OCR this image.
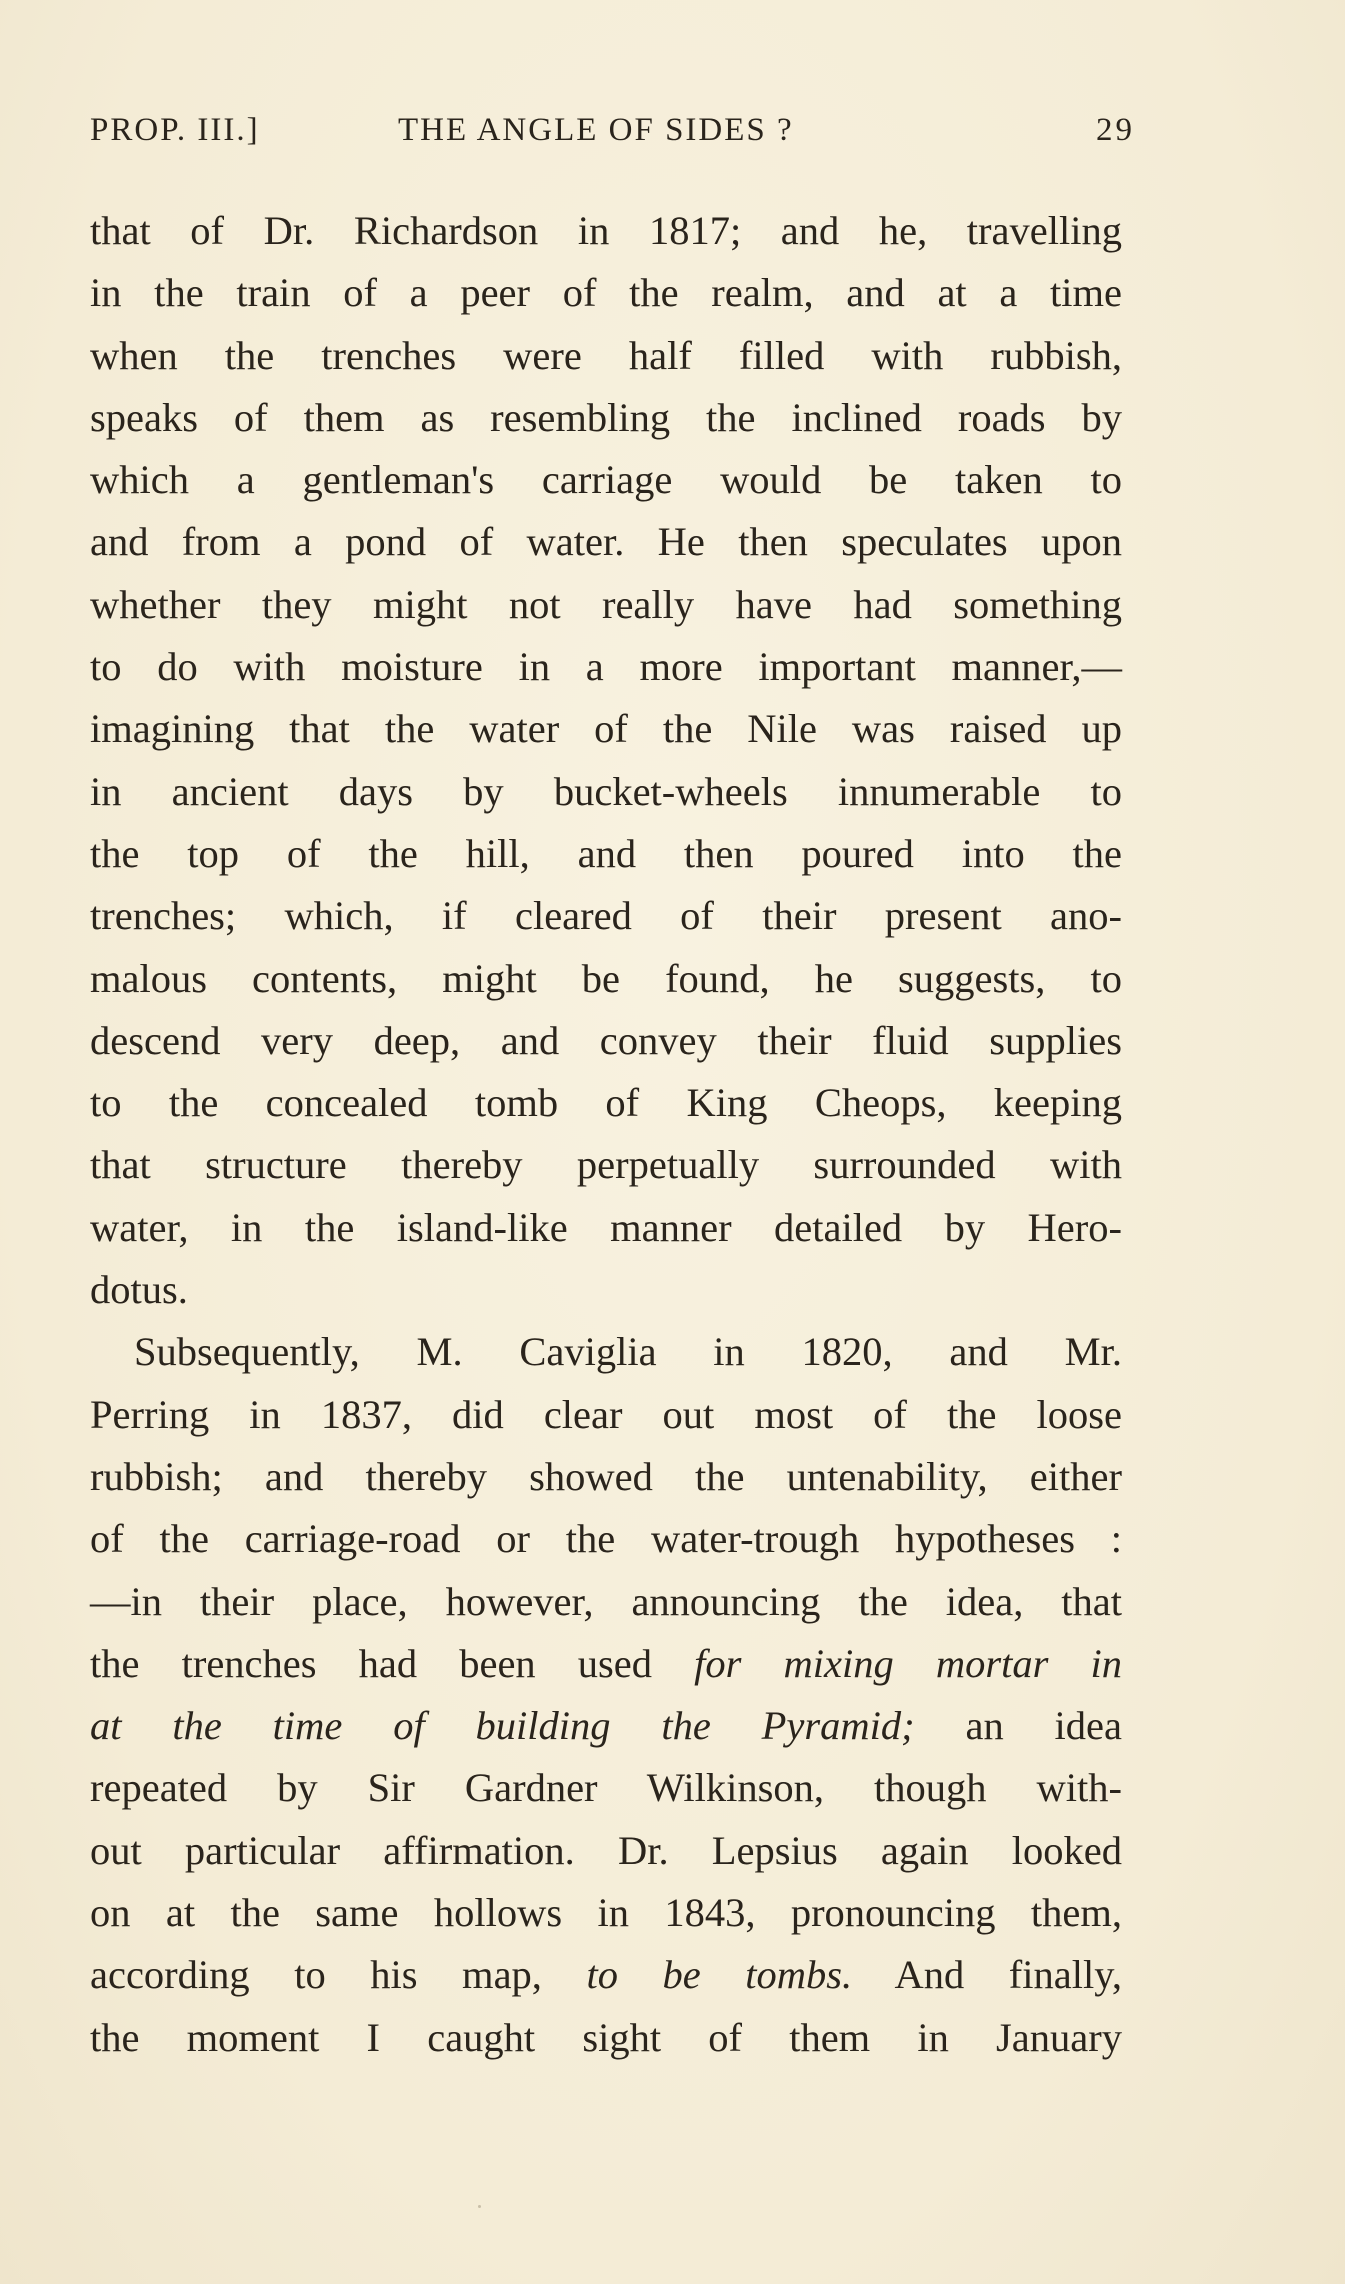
PROP. III.]	THE ANGLE OF SIDES ?	29
that of Dr. Richardson in 1817; and he, travelling
in the train of a peer of the realm, and at a time
when the trenches were half filled with rubbish,
speaks of them as resembling the inclined roads by
which a gentleman's carriage would be taken to
and from a pond of water. He then speculates upon
whether they might not really have had something
to do with moisture in a more important manner,—
imagining that the water of the Nile was raised up
in ancient days by bucket-wheels innumerable to
the top of the hill, and then poured into the
trenches; which, if cleared of their present ano-
malous contents, might be found, he suggests, to
descend very deep, and convey their fluid supplies
to the concealed tomb of King Cheops, keeping
that structure thereby perpetually surrounded with
water, in the island-like manner detailed by Hero-
dotus.
Subsequently, M. Caviglia in 1820, and Mr.
Perring in 1837, did clear out most of the loose
rubbish; and thereby showed the untenability, either
of the carriage-road or the water-trough hypotheses :
—in their place, however, announcing the idea, that
the trenches had been used for mixing mortar in
at the time of building the Pyramid; an idea
repeated by Sir Gardner Wilkinson, though with-
out particular affirmation. Dr. Lepsius again looked
on at the same hollows in 1843, pronouncing them,
according to his map, to be tombs. And finally,
the moment I caught sight of them in January
